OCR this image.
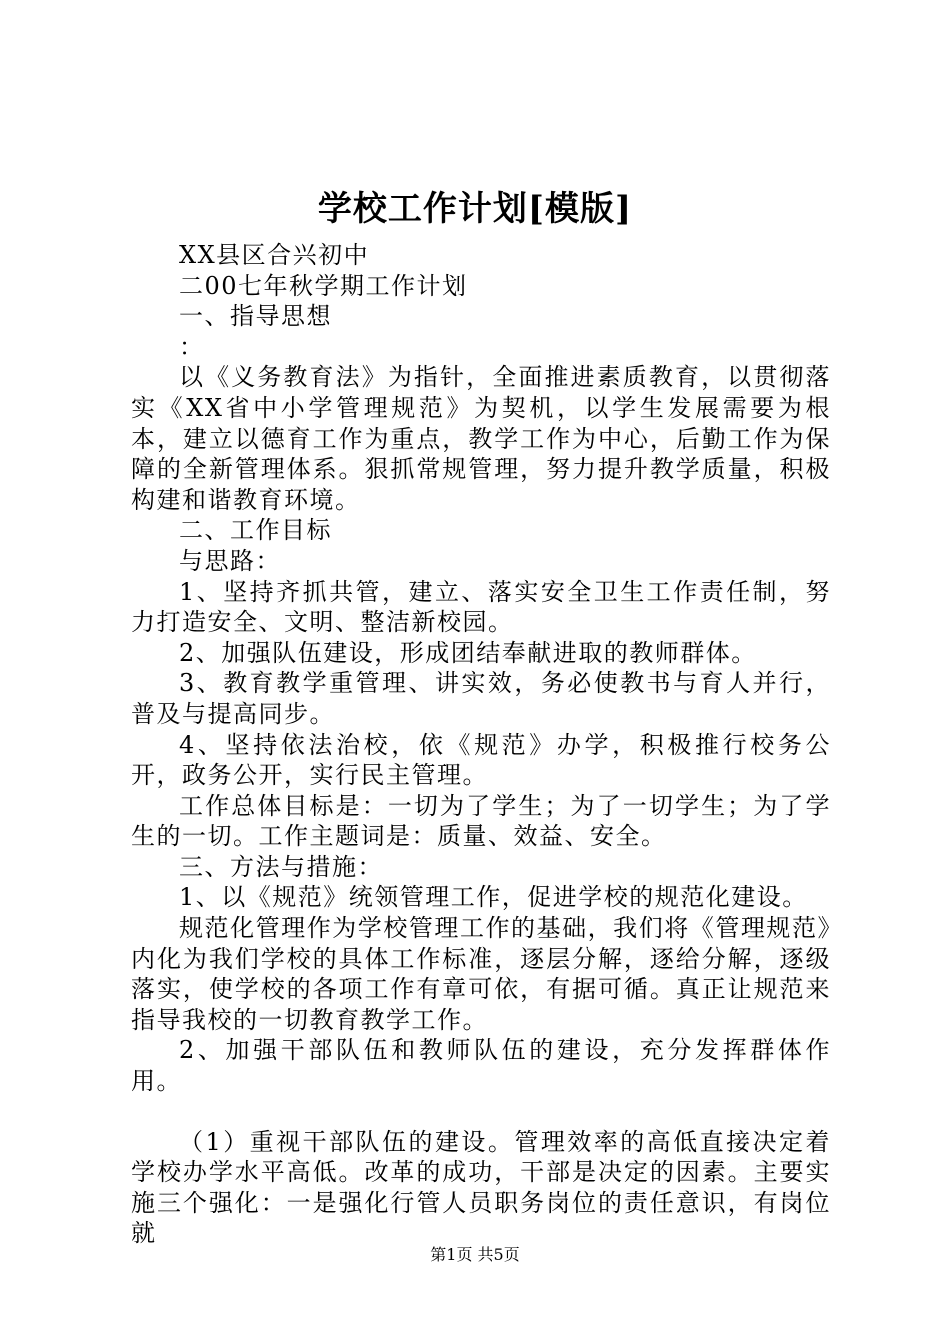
学校工作计划[模版]

XX县区合兴初中

二00七年秋学期工作计划

一、指导思想

：

以《义务教育法》为指针，全面推进素质教育，以贯彻落实《XX省中小学管理规范》为契机，以学生发展需要为根本，建立以德育工作为重点，教学工作为中心，后勤工作为保障的全新管理体系。狠抓常规管理，努力提升教学质量，积极构建和谐教育环境。

二、工作目标

与思路：

1、坚持齐抓共管，建立、落实安全卫生工作责任制，努力打造安全、文明、整洁新校园。

2、加强队伍建设，形成团结奉献进取的教师群体。

3、教育教学重管理、讲实效，务必使教书与育人并行，普及与提高同步。

4、坚持依法治校，依《规范》办学，积极推行校务公开，政务公开，实行民主管理。

工作总体目标是：一切为了学生；为了一切学生；为了学生的一切。工作主题词是：质量、效益、安全。

三、方法与措施：

1、以《规范》统领管理工作，促进学校的规范化建设。

规范化管理作为学校管理工作的基础，我们将《管理规范》内化为我们学校的具体工作标准，逐层分解，逐给分解，逐级落实，使学校的各项工作有章可依，有据可循。真正让规范来指导我校的一切教育教学工作。

2、加强干部队伍和教师队伍的建设，充分发挥群体作用。

（1）重视干部队伍的建设。管理效率的高低直接决定着学校办学水平高低。改革的成功，干部是决定的因素。主要实施三个强化：一是强化行管人员职务岗位的责任意识，有岗位就

第1页 共5页
